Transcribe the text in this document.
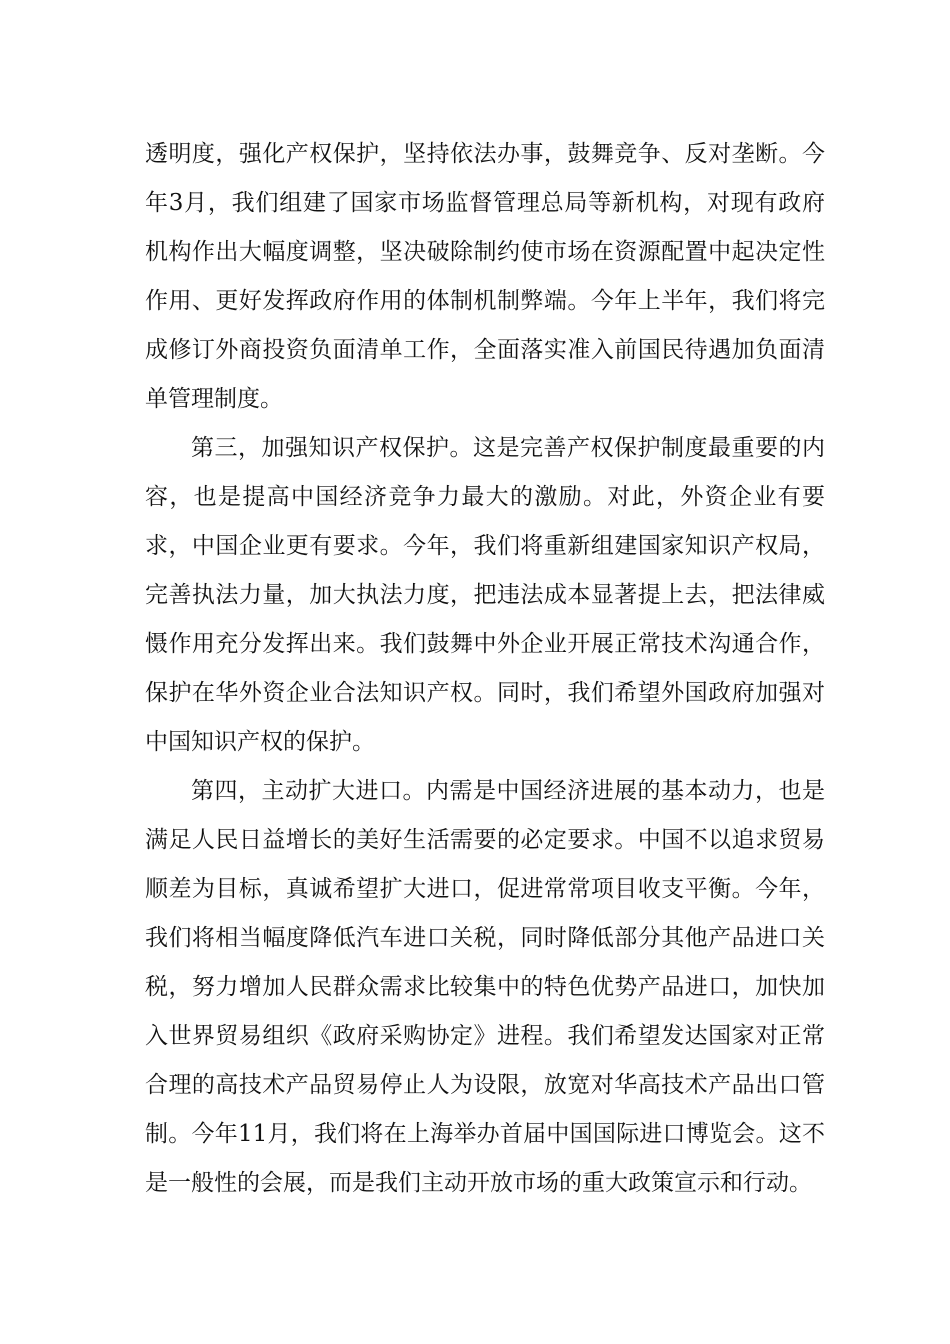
透明度，强化产权保护，坚持依法办事，鼓舞竞争、反对垄断。今年3月，我们组建了国家市场监督管理总局等新机构，对现有政府机构作出大幅度调整，坚决破除制约使市场在资源配置中起决定性作用、更好发挥政府作用的体制机制弊端。今年上半年，我们将完成修订外商投资负面清单工作，全面落实准入前国民待遇加负面清单管理制度。

第三，加强知识产权保护。这是完善产权保护制度最重要的内容，也是提高中国经济竞争力最大的激励。对此，外资企业有要求，中国企业更有要求。今年，我们将重新组建国家知识产权局，完善执法力量，加大执法力度，把违法成本显著提上去，把法律威慑作用充分发挥出来。我们鼓舞中外企业开展正常技术沟通合作，保护在华外资企业合法知识产权。同时，我们希望外国政府加强对中国知识产权的保护。

第四，主动扩大进口。内需是中国经济进展的基本动力，也是满足人民日益增长的美好生活需要的必定要求。中国不以追求贸易顺差为目标，真诚希望扩大进口，促进常常项目收支平衡。今年，我们将相当幅度降低汽车进口关税，同时降低部分其他产品进口关税，努力增加人民群众需求比较集中的特色优势产品进口，加快加入世界贸易组织《政府采购协定》进程。我们希望发达国家对正常合理的高技术产品贸易停止人为设限，放宽对华高技术产品出口管制。今年11月，我们将在上海举办首届中国国际进口博览会。这不是一般性的会展，而是我们主动开放市场的重大政策宣示和行动。
